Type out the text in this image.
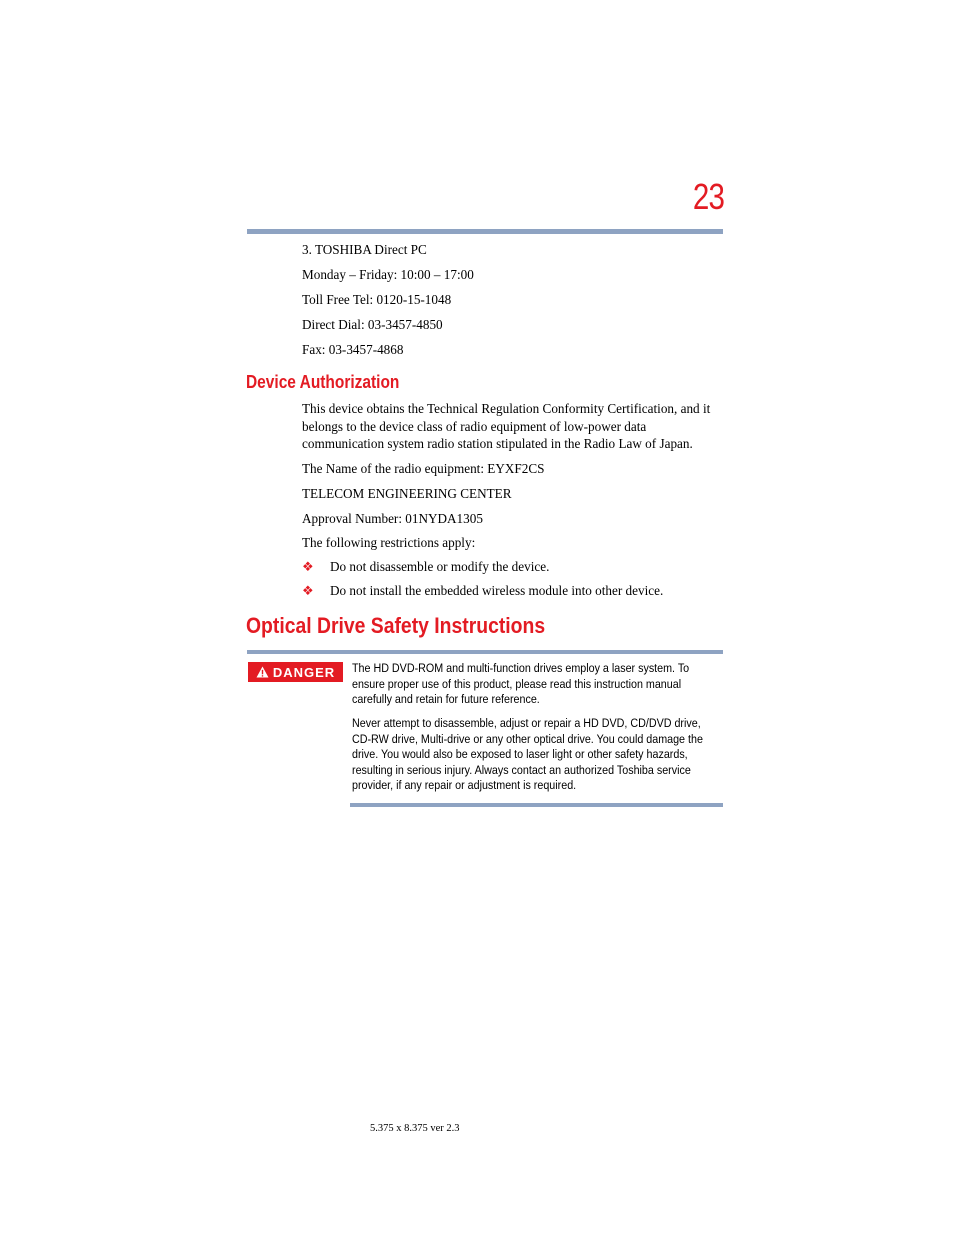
23
3. TOSHIBA Direct PC
Monday – Friday: 10:00 – 17:00
Toll Free Tel: 0120-15-1048
Direct Dial: 03-3457-4850
Fax: 03-3457-4868
Device Authorization
This device obtains the Technical Regulation Conformity Certification, and it belongs to the device class of radio equipment of low-power data communication system radio station stipulated in the Radio Law of Japan.
The Name of the radio equipment: EYXF2CS
TELECOM ENGINEERING CENTER
Approval Number: 01NYDA1305
The following restrictions apply:
❖ Do not disassemble or modify the device.
❖ Do not install the embedded wireless module into other device.
Optical Drive Safety Instructions
DANGER The HD DVD-ROM and multi-function drives employ a laser system. To ensure proper use of this product, please read this instruction manual carefully and retain for future reference.
Never attempt to disassemble, adjust or repair a HD DVD, CD/DVD drive, CD-RW drive, Multi-drive or any other optical drive. You could damage the drive. You would also be exposed to laser light or other safety hazards, resulting in serious injury. Always contact an authorized Toshiba service provider, if any repair or adjustment is required.
5.375 x 8.375 ver 2.3
